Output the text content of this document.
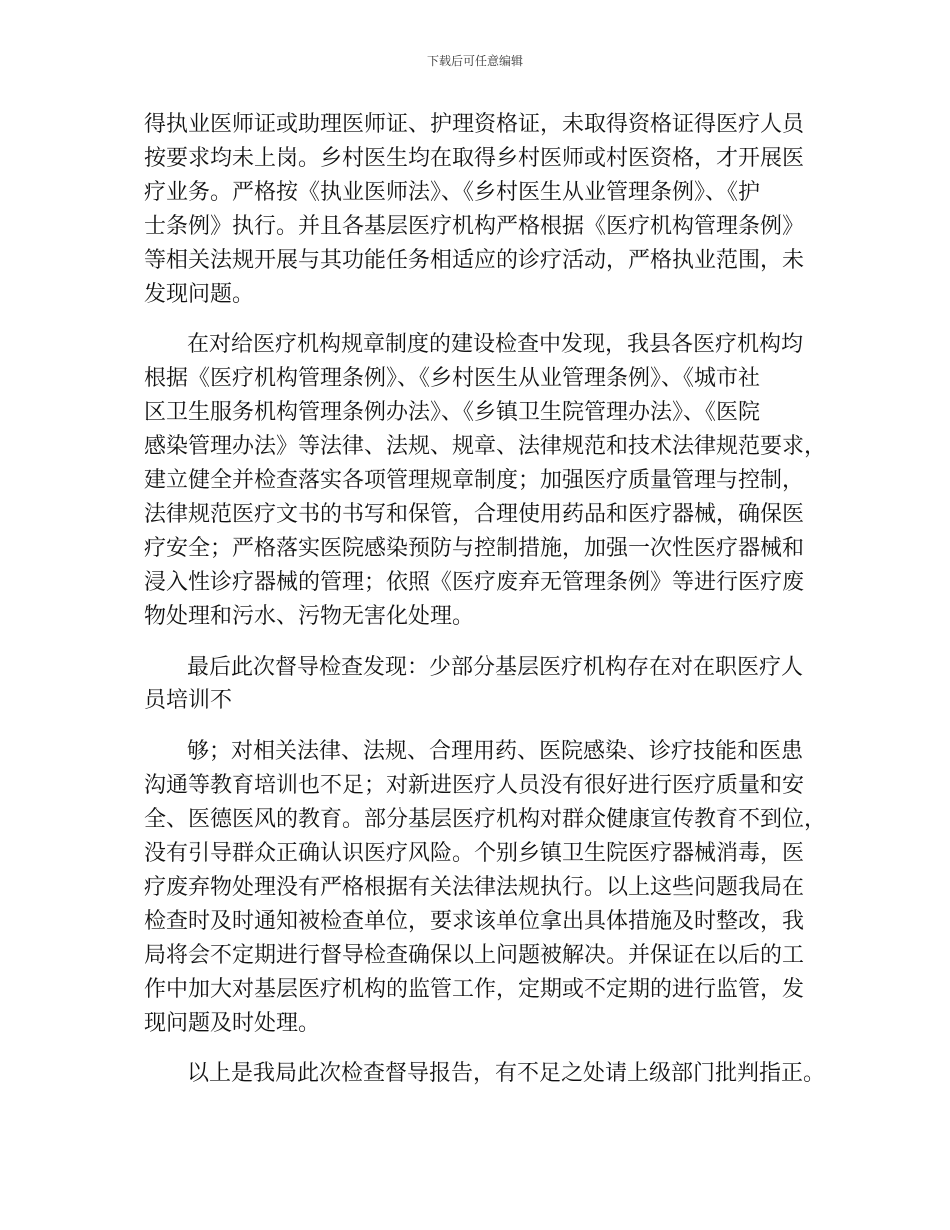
下载后可任意编辑
得执业医师证或助理医师证、护理资格证，未取得资格证得医疗人员
按要求均未上岗。乡村医生均在取得乡村医师或村医资格，才开展医
疗业务。严格按《执业医师法》、《乡村医生从业管理条例》、《护
士条例》执行。并且各基层医疗机构严格根据《医疗机构管理条例》
等相关法规开展与其功能任务相适应的诊疗活动，严格执业范围，未
发现问题。
在对给医疗机构规章制度的建设检查中发现，我县各医疗机构均
根据《医疗机构管理条例》、《乡村医生从业管理条例》、《城市社
区卫生服务机构管理条例办法》、《乡镇卫生院管理办法》、《医院
感染管理办法》等法律、法规、规章、法律规范和技术法律规范要求，
建立健全并检查落实各项管理规章制度；加强医疗质量管理与控制，
法律规范医疗文书的书写和保管，合理使用药品和医疗器械，确保医
疗安全；严格落实医院感染预防与控制措施，加强一次性医疗器械和
浸入性诊疗器械的管理；依照《医疗废弃无管理条例》等进行医疗废
物处理和污水、污物无害化处理。
最后此次督导检查发现：少部分基层医疗机构存在对在职医疗人
员培训不
够；对相关法律、法规、合理用药、医院感染、诊疗技能和医患
沟通等教育培训也不足；对新进医疗人员没有很好进行医疗质量和安
全、医德医风的教育。部分基层医疗机构对群众健康宣传教育不到位，
没有引导群众正确认识医疗风险。个别乡镇卫生院医疗器械消毒，医
疗废弃物处理没有严格根据有关法律法规执行。以上这些问题我局在
检查时及时通知被检查单位，要求该单位拿出具体措施及时整改，我
局将会不定期进行督导检查确保以上问题被解决。并保证在以后的工
作中加大对基层医疗机构的监管工作，定期或不定期的进行监管，发
现问题及时处理。
以上是我局此次检查督导报告，有不足之处请上级部门批判指正。
